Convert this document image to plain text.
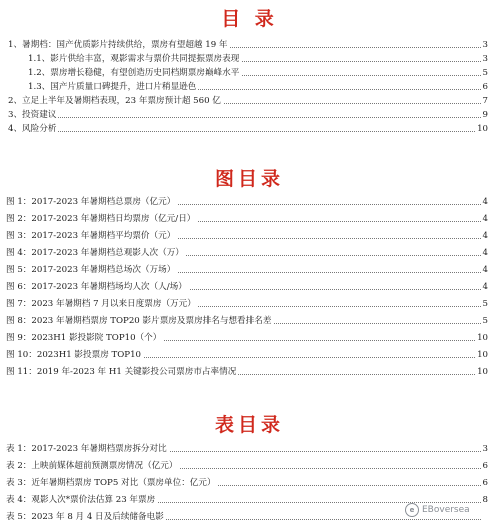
目 录
图目录
表目录
1、暑期档：国产优质影片持续供给，票房有望超越 19 年	3
1.1、影片供给丰富，观影需求与票价共同提振票房表现	3
1.2、票房增长稳健，有望创造历史同档期票房巅峰水平	5
1.3、国产片质量口碑提升，进口片稍显逊色	6
2、立足上半年及暑期档表现，23 年票房预计超 560 亿	7
3、投资建议	9
4、风险分析	10
图 1：2017-2023 年暑期档总票房（亿元）	4
图 2：2017-2023 年暑期档日均票房（亿元/日）	4
图 3：2017-2023 年暑期档平均票价（元）	4
图 4：2017-2023 年暑期档总观影人次（万）	4
图 5：2017-2023 年暑期档总场次（万场）	4
图 6：2017-2023 年暑期档场均人次（人/场）	4
图 7：2023 年暑期档 7 月以来日度票房（万元）	5
图 8：2023 年暑期档票房 TOP20 影片票房及票房排名与想看排名差	5
图 9：2023H1 影投影院 TOP10（个）	10
图 10：2023H1 影投票房 TOP10	10
图 11：2019 年-2023 年 H1 关键影投公司票房市占率情况	10
表 1：2017-2023 年暑期档票房拆分对比	3
表 2：上映前媒体超前预测票房情况（亿元）	6
表 3：近年暑期档票房 TOP5 对比（票房单位：亿元）	6
表 4：观影人次*票价法估算 23 年票房	8
表 5：2023 年 8 月 4 日及后续储备电影
e EBoversea
